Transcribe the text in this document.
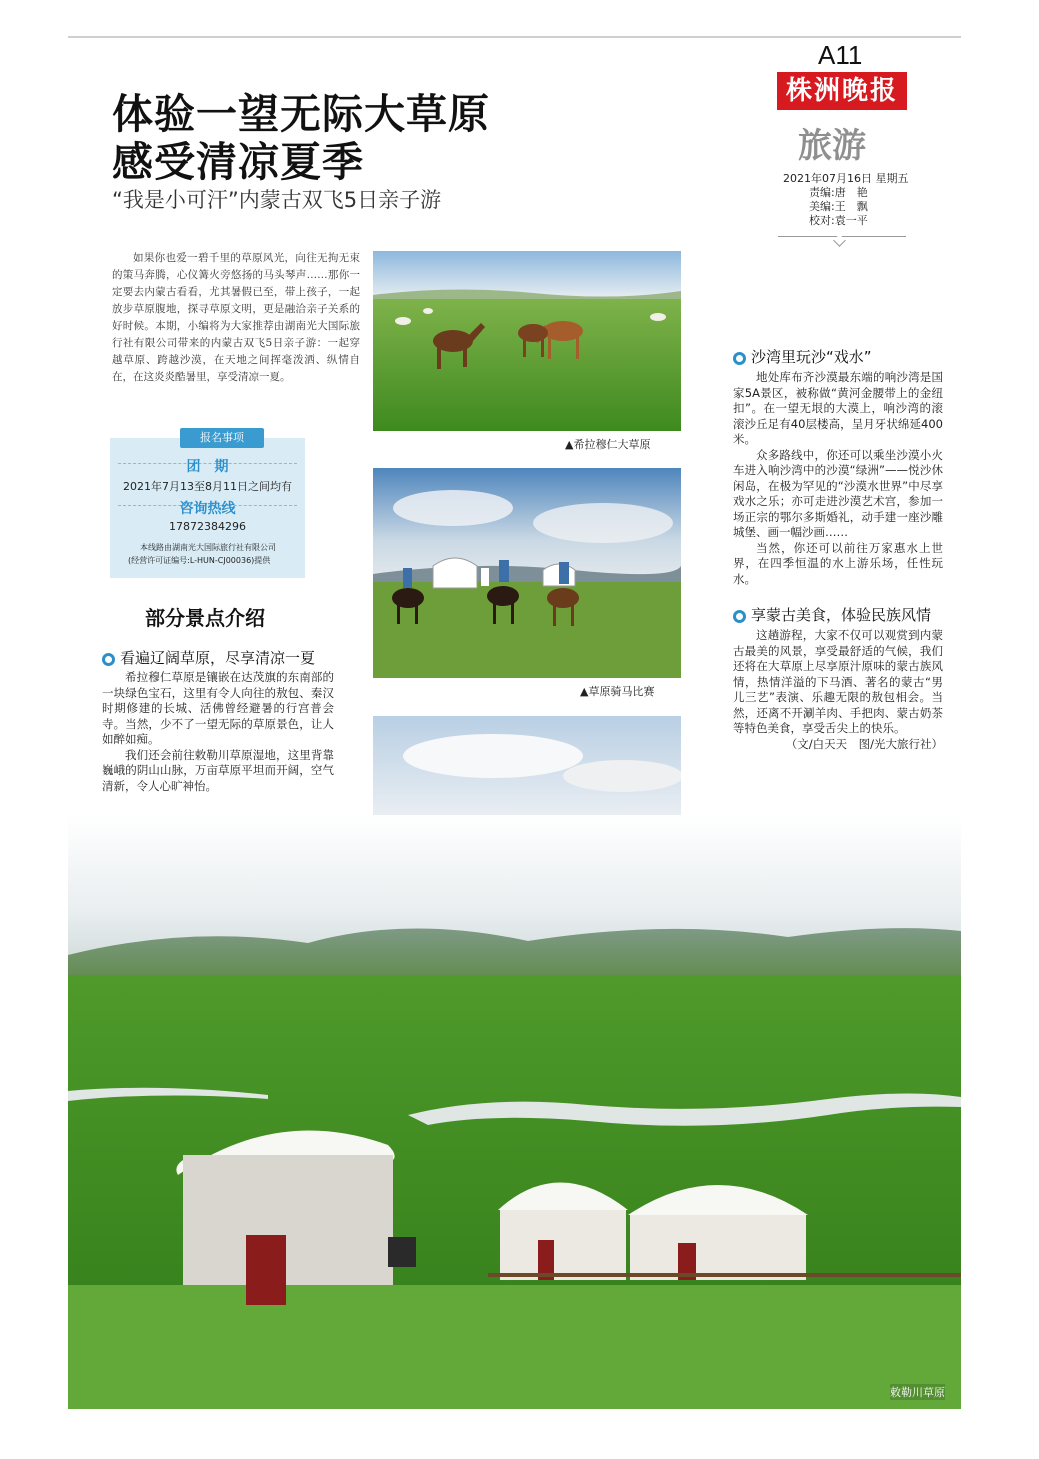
A11
株洲晚报
旅游
2021年07月16日 星期五
责编:唐　艳
美编:王　飘
校对:袁一平
体验一望无际大草原
感受清凉夏季
“我是小可汗”内蒙古双飞5日亲子游
如果你也爱一碧千里的草原风光，向往无拘无束的策马奔腾，心仪篝火旁悠扬的马头琴声……那你一定要去内蒙古看看，尤其暑假已至，带上孩子，一起放步草原腹地，探寻草原文明，更是融洽亲子关系的好时候。本期，小编将为大家推荐由湖南光大国际旅行社有限公司带来的内蒙古双飞5日亲子游：一起穿越草原、跨越沙漠，在天地之间挥毫泼洒、纵情自在，在这炎炎酷暑里，享受清凉一夏。
团　期
2021年7月13至8月11日之间均有
咨询热线
17872384296
本线路由湖南光大国际旅行社有限公司
(经营许可证编号:L-HUN-CJ00036)提供
报名事项
部分景点介绍
看遍辽阔草原，尽享清凉一夏

希拉穆仁草原是镶嵌在达茂旗的东南部的一块绿色宝石，这里有令人向往的敖包、秦汉时期修建的长城、活佛曾经避暑的行宫普会寺。当然，少不了一望无际的草原景色，让人如醉如痴。

我们还会前往敕勒川草原湿地，这里背靠巍峨的阴山山脉，万亩草原平坦而开阔，空气清新，令人心旷神怡。

▲希拉穆仁大草原
▲草原骑马比赛
沙湾里玩沙“戏水”

地处库布齐沙漠最东端的响沙湾是国家5A景区，被称做“黄河金腰带上的金纽扣”。在一望无垠的大漠上，响沙湾的滚滚沙丘足有40层楼高，呈月牙状绵延400米。

众多路线中，你还可以乘坐沙漠小火车进入响沙湾中的沙漠“绿洲”——悦沙休闲岛，在极为罕见的“沙漠水世界”中尽享戏水之乐；亦可走进沙漠艺术宫，参加一场正宗的鄂尔多斯婚礼，动手建一座沙雕城堡、画一幅沙画……

当然，你还可以前往万家惠水上世界，在四季恒温的水上游乐场，任性玩水。

享蒙古美食，体验民族风情

这趟游程，大家不仅可以观赏到内蒙古最美的风景，享受最舒适的气候，我们还将在大草原上尽享原汁原味的蒙古族风情，热情洋溢的下马酒、著名的蒙古“男儿三艺”表演、乐趣无限的敖包相会。当然，还离不开涮羊肉、手把肉、蒙古奶茶等特色美食，享受舌尖上的快乐。

（文/白天天　图/光大旅行社）
敕勒川草原
